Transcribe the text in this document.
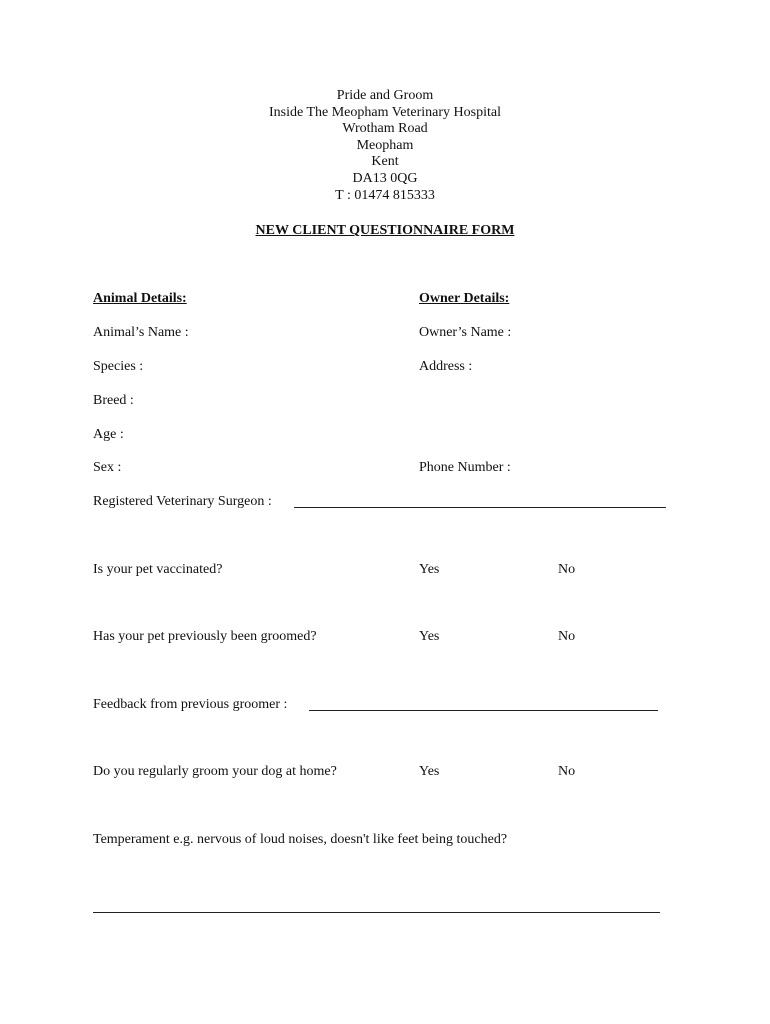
Pride and Groom
Inside The Meopham Veterinary Hospital
Wrotham Road
Meopham
Kent
DA13 0QG
T : 01474 815333
NEW CLIENT QUESTIONNAIRE FORM
Animal Details:
Animal’s Name :
Species :
Breed :
Age :
Sex :
Owner Details:
Owner’s Name :
Address :
Phone Number :
Registered Veterinary Surgeon :
Is your pet vaccinated?	Yes	No
Has your pet previously been groomed?	Yes	No
Feedback from previous groomer :
Do you regularly groom your dog at home?	Yes	No
Temperament e.g. nervous of loud noises, doesn't like feet being touched?
